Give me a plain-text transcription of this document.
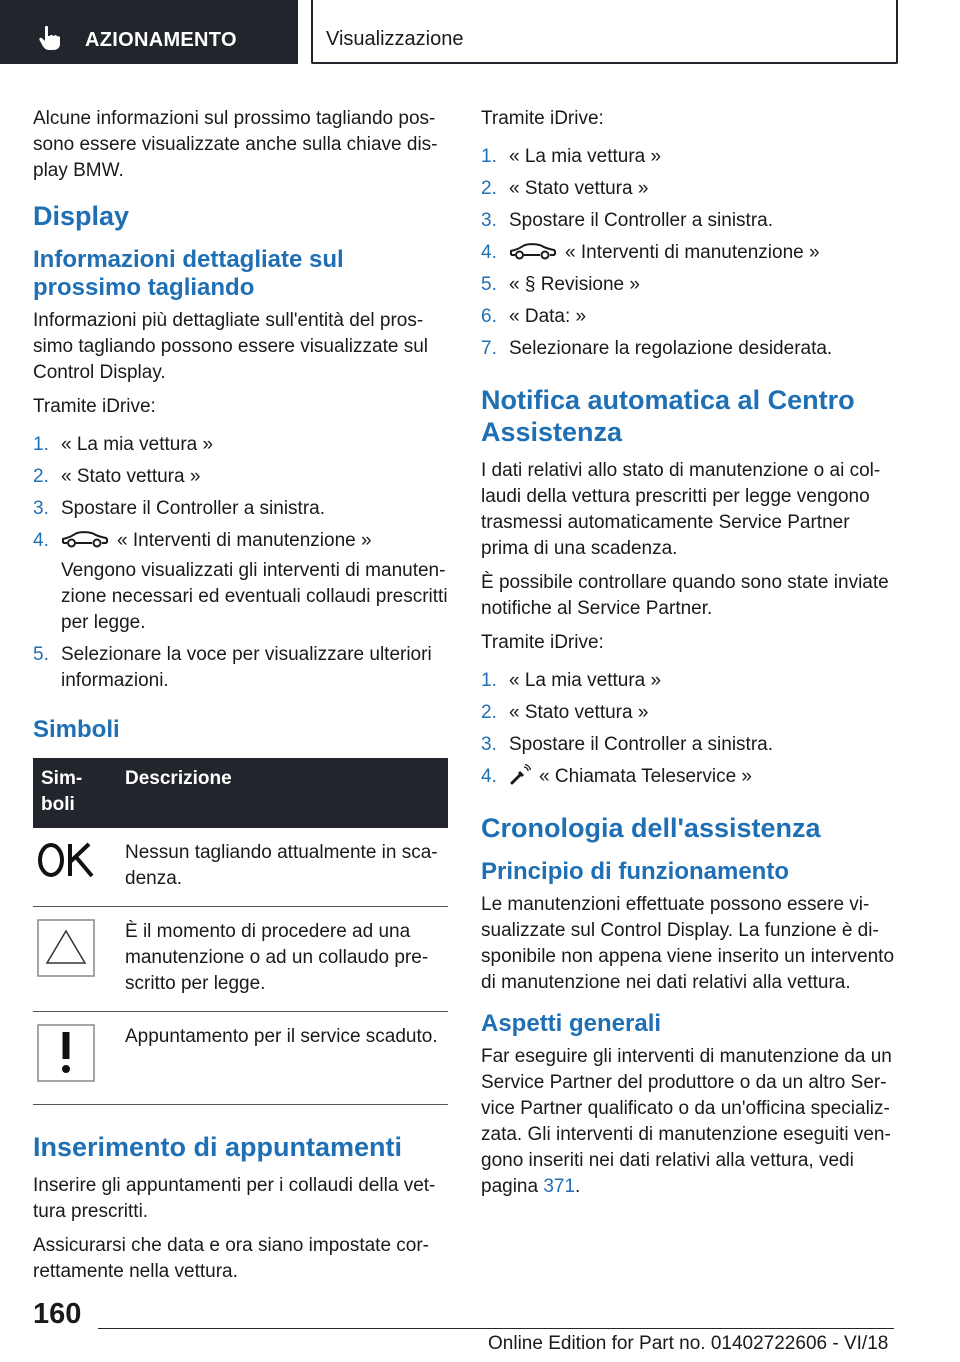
AZIONAMENTO	Visualizzazione

Alcune informazioni sul prossimo tagliando pos-sono essere visualizzate anche sulla chiave dis-play BMW.

Display
Informazioni dettagliate sul prossimo tagliando

Informazioni più dettagliate sull'entità del pros-simo tagliando possono essere visualizzate sul Control Display.

Tramite iDrive:

1. « La mia vettura »
2. « Stato vettura »
3. Spostare il Controller a sinistra.
4.	« Interventi di manutenzione »
Vengono visualizzati gli interventi di manuten-zione necessari ed eventuali collaudi prescritti per legge.
5. Selezionare la voce per visualizzare ulteriori informazioni.
Simboli
Sim-boli	Descrizione
	Nessun tagliando attualmente in sca-denza.
	È il momento di procedere ad una manutenzione o ad un collaudo pre-scritto per legge.
	Appuntamento per il service scaduto.
Inserimento di appuntamenti

Inserire gli appuntamenti per i collaudi della vet-tura prescritti.

Assicurarsi che data e ora siano impostate cor-rettamente nella vettura.

Tramite iDrive:

1. « La mia vettura »
2. « Stato vettura »
3. Spostare il Controller a sinistra.
4.	« Interventi di manutenzione »
5. « § Revisione »
6. « Data: »
7. Selezionare la regolazione desiderata.
Notifica automatica al Centro Assistenza

I dati relativi allo stato di manutenzione o ai col-laudi della vettura prescritti per legge vengono trasmessi automaticamente Service Partner prima di una scadenza.

È possibile controllare quando sono state inviate notifiche al Service Partner.

Tramite iDrive:

1. « La mia vettura »
2. « Stato vettura »
3. Spostare il Controller a sinistra.
4. « Chiamata Teleservice »
Cronologia dell'assistenza
Principio di funzionamento

Le manutenzioni effettuate possono essere vi-sualizzate sul Control Display. La funzione è di-sponibile non appena viene inserito un intervento di manutenzione nei dati relativi alla vettura.

Aspetti generali

Far eseguire gli interventi di manutenzione da un Service Partner del produttore o da un altro Ser-vice Partner qualificato o da un'officina specializ-zata. Gli interventi di manutenzione eseguiti ven-gono inseriti nei dati relativi alla vettura, vedi pagina 371.

160
Online Edition for Part no. 01402722606 - VI/18
